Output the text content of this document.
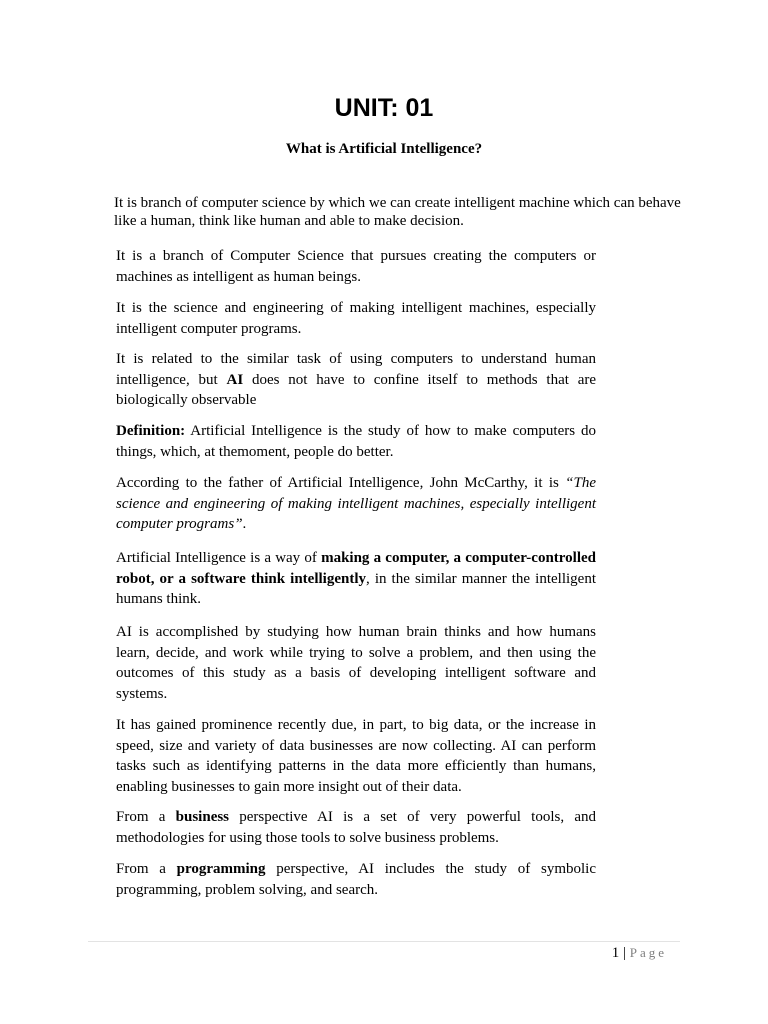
UNIT: 01
What is Artificial Intelligence?
It is branch of computer science by which we can create intelligent machine which can behave like a human, think like human and able to make decision.
It is a branch of Computer Science that pursues creating the computers or machines as intelligent as human beings.
It is the science and engineering of making intelligent machines, especially intelligent computer programs.
It is related to the similar task of using computers to understand human intelligence, but AI does not have to confine itself to methods that are biologically observable
Definition: Artificial Intelligence is the study of how to make computers do things, which, at themoment, people do better.
According to the father of Artificial Intelligence, John McCarthy, it is “The science and engineering of making intelligent machines, especially intelligent computer programs”.
Artificial Intelligence is a way of making a computer, a computer-controlled robot, or a software think intelligently, in the similar manner the intelligent humans think.
AI is accomplished by studying how human brain thinks and how humans learn, decide, and work while trying to solve a problem, and then using the outcomes of this study as a basis of developing intelligent software and systems.
It has gained prominence recently due, in part, to big data, or the increase in speed, size and variety of data businesses are now collecting. AI can perform tasks such as identifying patterns in the data more efficiently than humans, enabling businesses to gain more insight out of their data.
From a business perspective AI is a set of very powerful tools, and methodologies for using those tools to solve business problems.
From a programming perspective, AI includes the study of symbolic programming, problem solving, and search.
1 | Page
